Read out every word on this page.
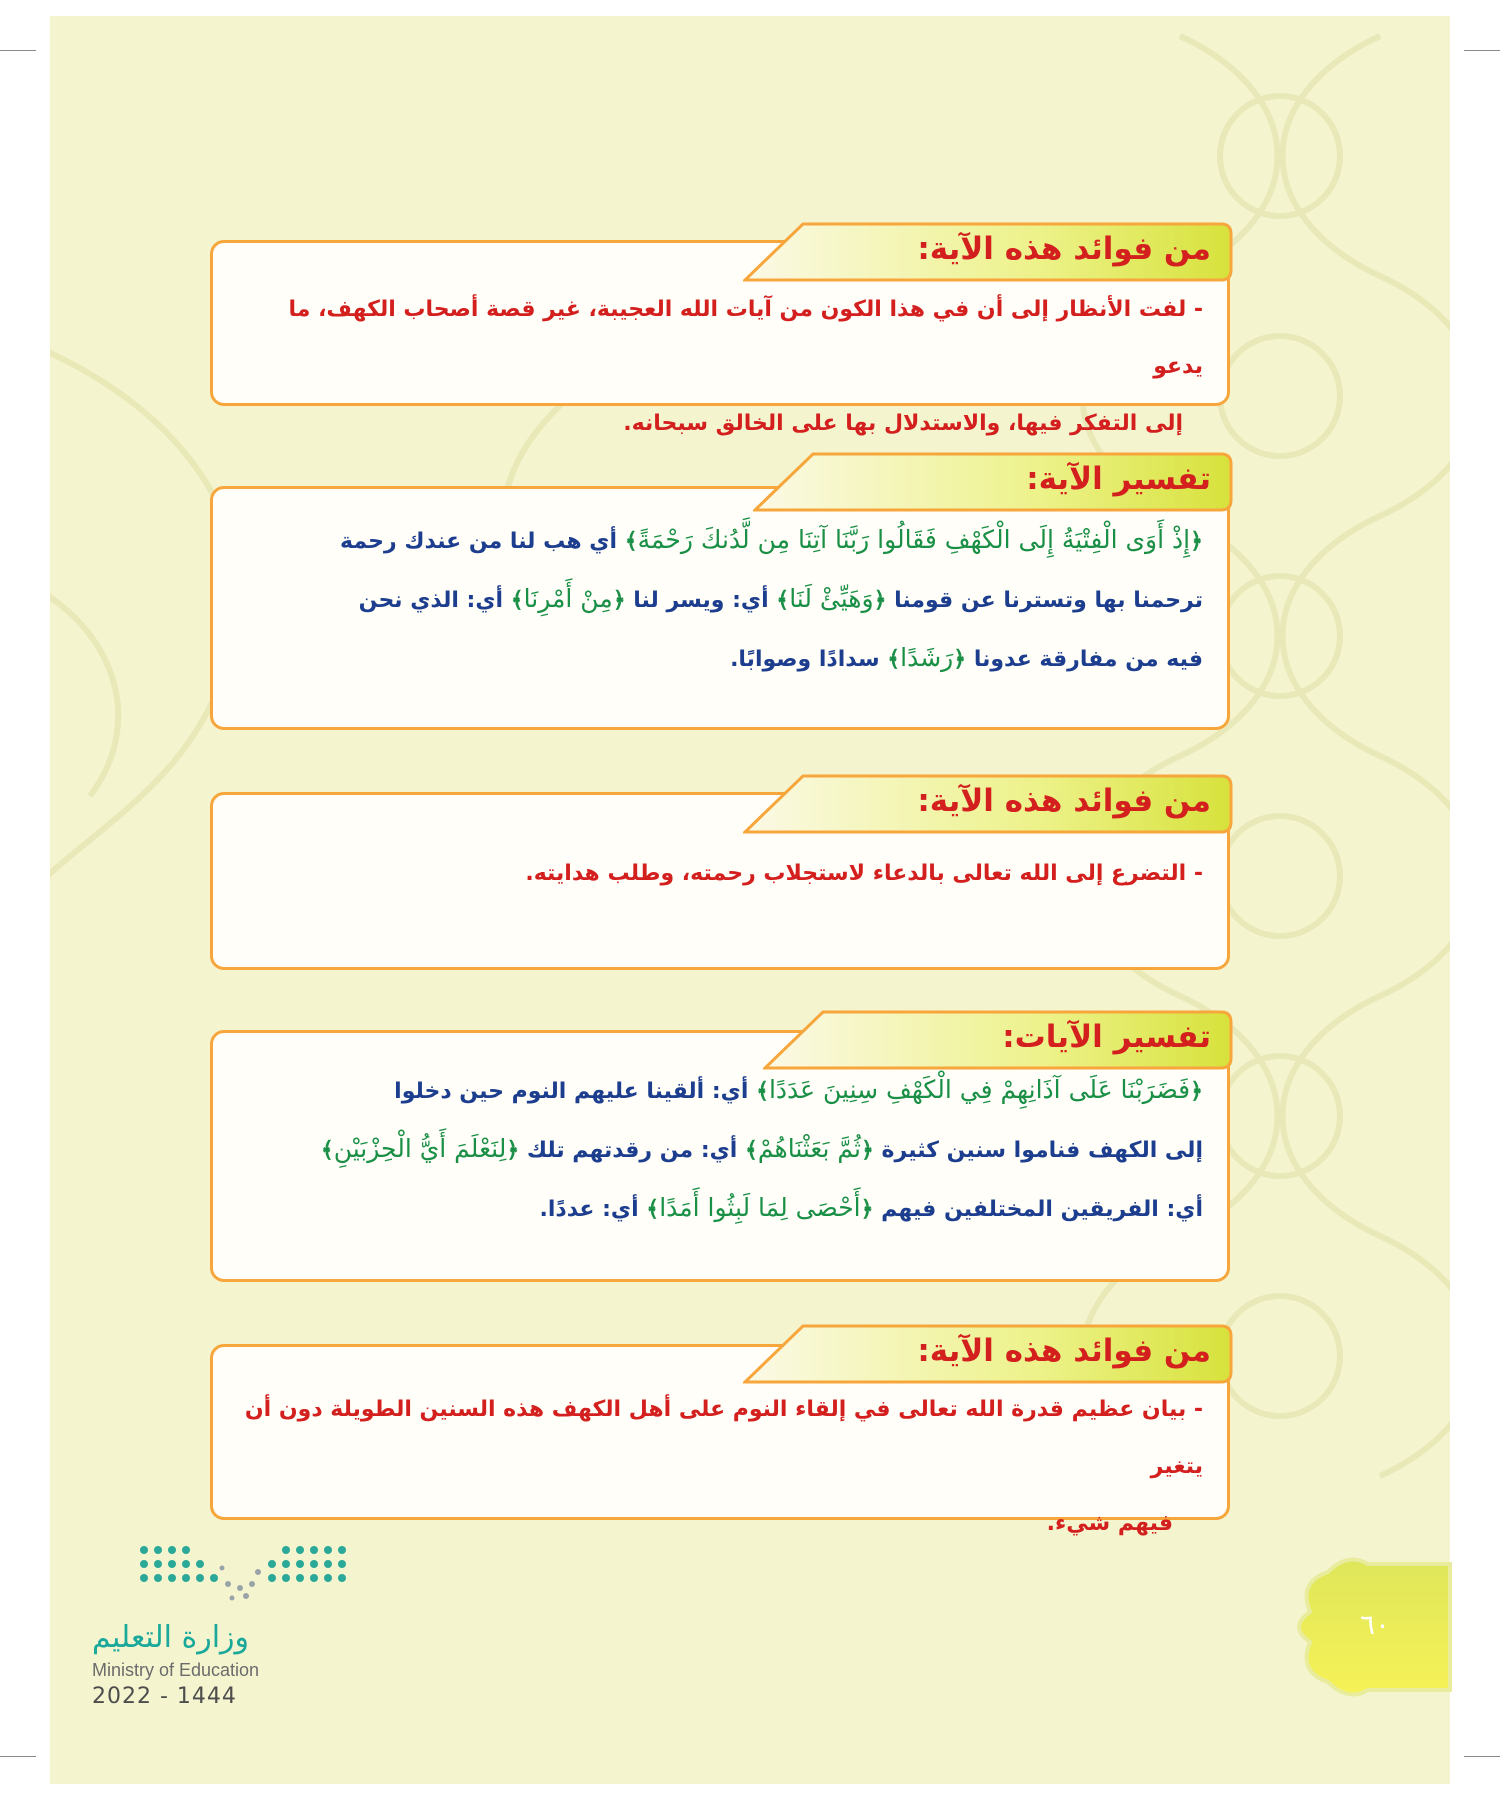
- لفت الأنظار إلى أن في هذا الكون من آيات الله العجيبة، غير قصة أصحاب الكهف، ما يدعو
إلى التفكر فيها، والاستدلال بها على الخالق سبحانه.
من فوائد هذه الآية:
﴿إِذْ أَوَى الْفِتْيَةُ إِلَى الْكَهْفِ فَقَالُوا رَبَّنَا آتِنَا مِن لَّدُنكَ رَحْمَةً﴾ أي هب لنا من عندك رحمة
ترحمنا بها وتسترنا عن قومنا ﴿وَهَيِّئْ لَنَا﴾ أي: ويسر لنا ﴿مِنْ أَمْرِنَا﴾ أي: الذي نحن
فيه من مفارقة عدونا ﴿رَشَدًا﴾ سدادًا وصوابًا.
تفسير الآية:
- التضرع إلى الله تعالى بالدعاء لاستجلاب رحمته، وطلب هدايته.
من فوائد هذه الآية:
﴿فَضَرَبْنَا عَلَى آذَانِهِمْ فِي الْكَهْفِ سِنِينَ عَدَدًا﴾ أي: ألقينا عليهم النوم حين دخلوا
إلى الكهف فناموا سنين كثيرة ﴿ثُمَّ بَعَثْنَاهُمْ﴾ أي: من رقدتهم تلك ﴿لِنَعْلَمَ أَيُّ الْحِزْبَيْنِ﴾
أي: الفريقين المختلفين فيهم ﴿أَحْصَى لِمَا لَبِثُوا أَمَدًا﴾ أي: عددًا.
تفسير الآيات:
- بيان عظيم قدرة الله تعالى في إلقاء النوم على أهل الكهف هذه السنين الطويلة دون أن يتغير
فيهم شيء.
من فوائد هذه الآية:
وزارة التعليم
Ministry of Education
2022 - 1444
٦٠
